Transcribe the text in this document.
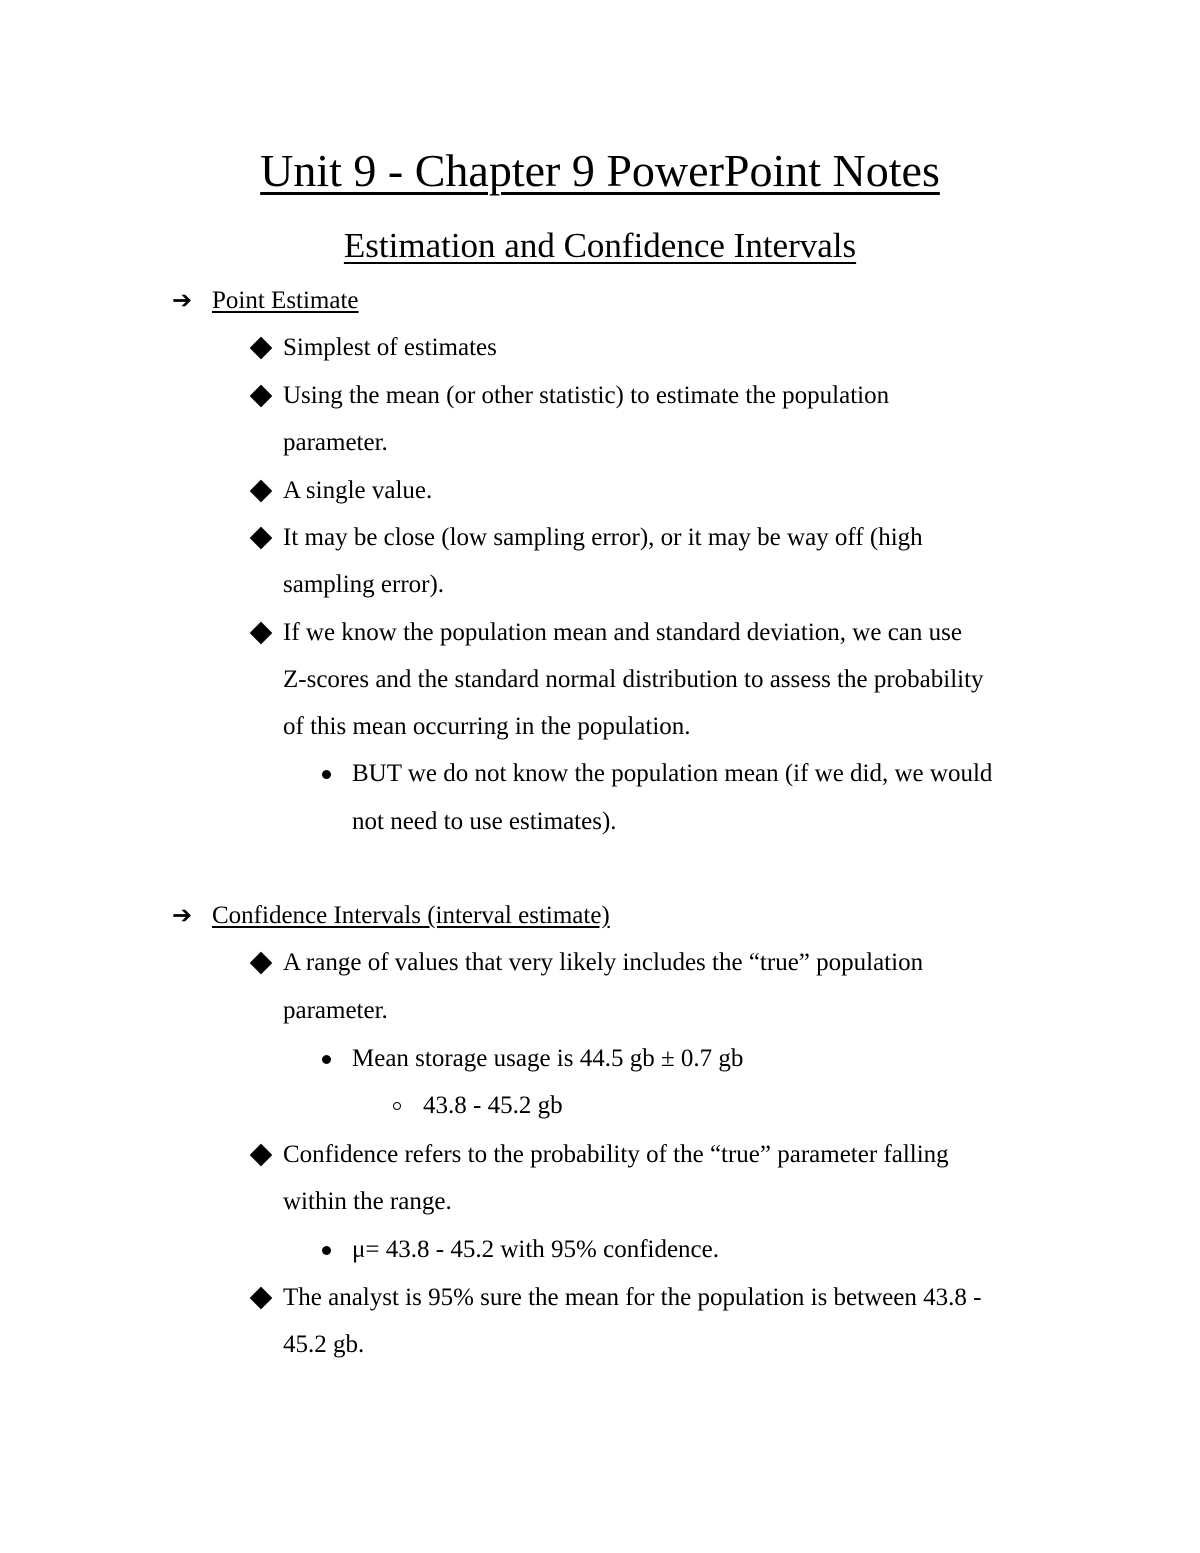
Unit 9 - Chapter 9 PowerPoint Notes
Estimation and Confidence Intervals
➔ Point Estimate
Simplest of estimates
Using the mean (or other statistic) to estimate the population
parameter.
A single value.
It may be close (low sampling error), or it may be way off (high
sampling error).
If we know the population mean and standard deviation, we can use
Z-scores and the standard normal distribution to assess the probability
of this mean occurring in the population.
BUT we do not know the population mean (if we did, we would
not need to use estimates).
➔ Confidence Intervals (interval estimate)
A range of values that very likely includes the “true” population
parameter.
Mean storage usage is 44.5 gb ± 0.7 gb
43.8 - 45.2 gb
Confidence refers to the probability of the “true” parameter falling
within the range.
μ= 43.8 - 45.2 with 95% confidence.
The analyst is 95% sure the mean for the population is between 43.8 -
45.2 gb.
